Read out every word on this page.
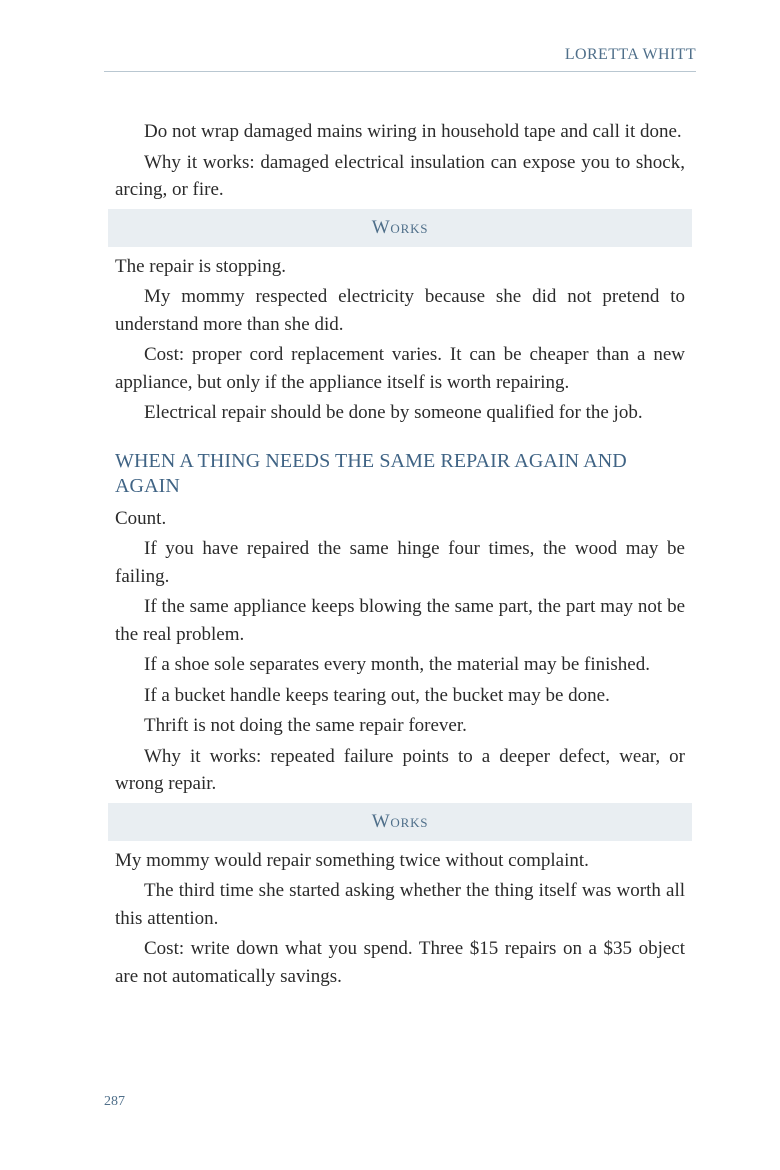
LORETTA WHITT

Do not wrap damaged mains wiring in household tape and call it done.

Why it works: damaged electrical insulation can expose you to shock, arcing, or fire.

Works

The repair is stopping.

My mommy respected electricity because she did not pretend to understand more than she did.

Cost: proper cord replacement varies. It can be cheaper than a new appliance, but only if the appliance itself is worth repairing.

Electrical repair should be done by someone qualified for the job.

WHEN A THING NEEDS THE SAME REPAIR AGAIN AND AGAIN

Count.

If you have repaired the same hinge four times, the wood may be failing.

If the same appliance keeps blowing the same part, the part may not be the real problem.

If a shoe sole separates every month, the material may be finished.

If a bucket handle keeps tearing out, the bucket may be done.

Thrift is not doing the same repair forever.

Why it works: repeated failure points to a deeper defect, wear, or wrong repair.

Works

My mommy would repair something twice without complaint.

The third time she started asking whether the thing itself was worth all this attention.

Cost: write down what you spend. Three $15 repairs on a $35 object are not automatically savings.

287
